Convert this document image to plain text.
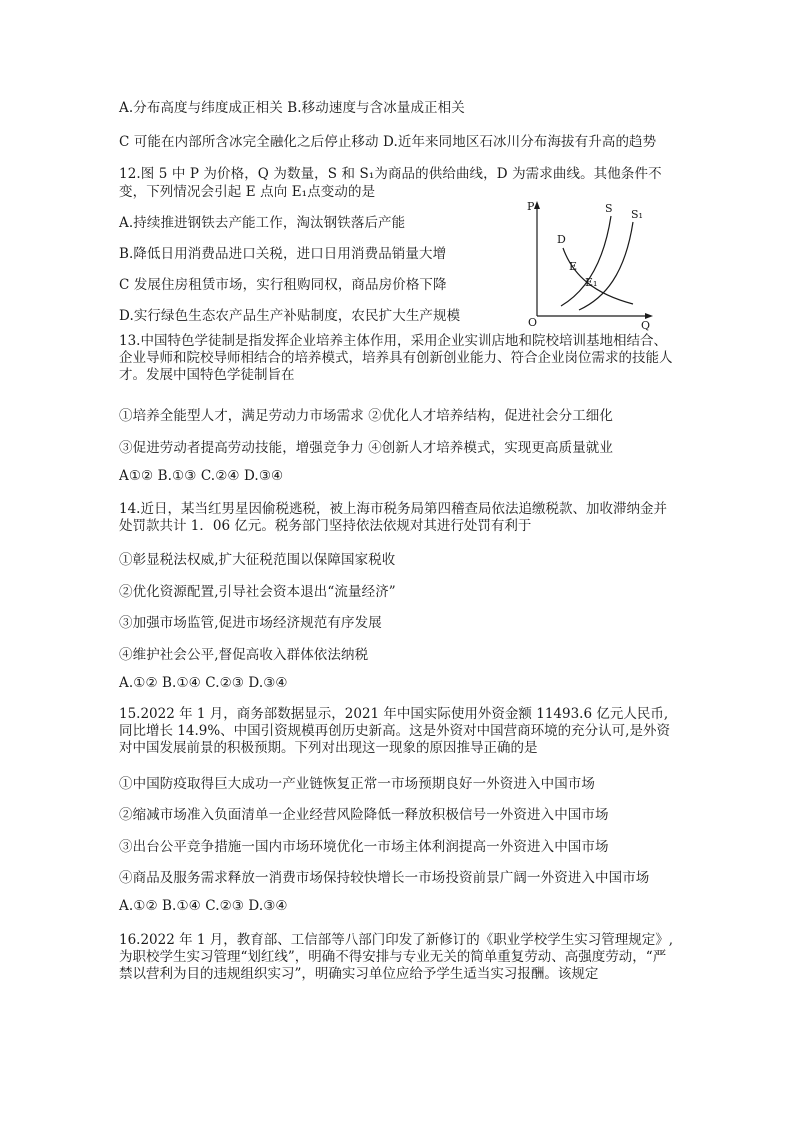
A.分布高度与纬度成正相关 B.移动速度与含冰量成正相关
C 可能在内部所含冰完全融化之后停止移动 D.近年来同地区石冰川分布海拔有升高的趋势
12.图 5 中 P 为价格，Q 为数量，S 和 S₁为商品的供给曲线，D 为需求曲线。其他条件不
变，下列情况会引起 E 点向 E₁点变动的是
A.持续推进钢铁去产能工作，淘汰钢铁落后产能
B.降低日用消费品进口关税，进口日用消费品销量大增
C 发展住房租赁市场，实行租购同权，商品房价格下降
D.实行绿色生态农产品生产补贴制度，农民扩大生产规模
P	S S₁
D
E
E₁
O	Q
13.中国特色学徒制是指发挥企业培养主体作用，采用企业实训店地和院校培训基地相结合、企业导师和院校导师相结合的培养模式，培养具有创新创业能力、符合企业岗位需求的技能人才。发展中国特色学徒制旨在
①培养全能型人才，满足劳动力市场需求 ②优化人才培养结构，促进社会分工细化
③促进劳动者提高劳动技能，增强竞争力 ④创新人才培养模式，实现更高质量就业
A①② B.①③ C.②④ D.③④
14.近日，某当红男星因偷税逃税，被上海市税务局第四稽查局依法追缴税款、加收滞纳金并处罚款共计 1．06 亿元。税务部门坚持依法依规对其进行处罚有利于
①彰显税法权威,扩大征税范围以保障国家税收
②优化资源配置,引导社会资本退出“流量经济”
③加强市场监管,促进市场经济规范有序发展
④维护社会公平,督促高收入群体依法纳税
A.①② B.①④ C.②③ D.③④
15.2022 年 1 月，商务部数据显示，2021 年中国实际使用外资金额 11493.6 亿元人民币,同比增长 14.9%、中国引资规模再创历史新高。这是外资对中国营商环境的充分认可,是外资对中国发展前景的积极预期。下列对出现这一现象的原因推导正确的是
①中国防疫取得巨大成功一产业链恢复正常一市场预期良好一外资进入中国市场
②缩减市场准入负面清单一企业经营风险降低一释放积极信号一外资进入中国市场
③出台公平竞争措施一国内市场环境优化一市场主体利润提高一外资进入中国市场
④商品及服务需求释放一消费市场保持较快增长一市场投资前景广阔一外资进入中国市场
A.①② B.①④ C.②③ D.③④
16.2022 年 1 月，教育部、工信部等八部门印发了新修订的《职业学校学生实习管理规定》,为职校学生实习管理“划红线”，明确不得安排与专业无关的简单重复劳动、高强度劳动，“严禁以营利为目的违规组织实习”，明确实习单位应给予学生适当实习报酬。该规定
